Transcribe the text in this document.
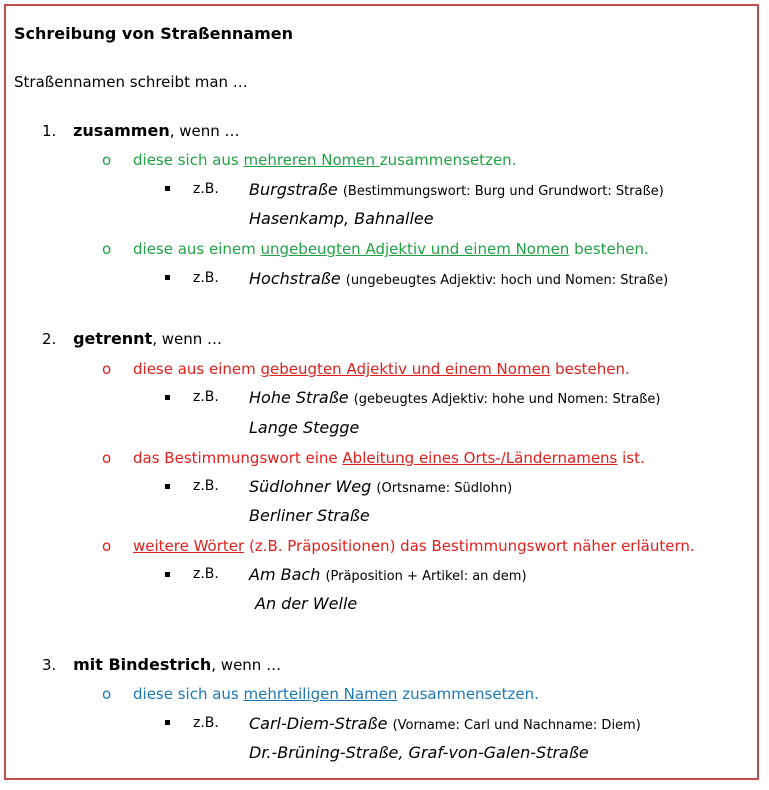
Schreibung von Straßennamen
Straßennamen schreibt man …
1. zusammen, wenn …
o diese sich aus mehreren Nomen zusammensetzen.
z.B. Burgstraße (Bestimmungswort: Burg und Grundwort: Straße)
Hasenkamp, Bahnallee
o diese aus einem ungebeugten Adjektiv und einem Nomen bestehen.
z.B. Hochstraße (ungebeugtes Adjektiv: hoch und Nomen: Straße)
2. getrennt, wenn …
o diese aus einem gebeugten Adjektiv und einem Nomen bestehen.
z.B. Hohe Straße (gebeugtes Adjektiv: hohe und Nomen: Straße)
Lange Stegge
o das Bestimmungswort eine Ableitung eines Orts-/Ländernamens ist.
z.B. Südlohner Weg (Ortsname: Südlohn)
Berliner Straße
o weitere Wörter (z.B. Präpositionen) das Bestimmungswort näher erläutern.
z.B. Am Bach (Präposition + Artikel: an dem)
An der Welle
3. mit Bindestrich, wenn …
o diese sich aus mehrteiligen Namen zusammensetzen.
z.B. Carl-Diem-Straße (Vorname: Carl und Nachname: Diem)
Dr.-Brüning-Straße, Graf-von-Galen-Straße
